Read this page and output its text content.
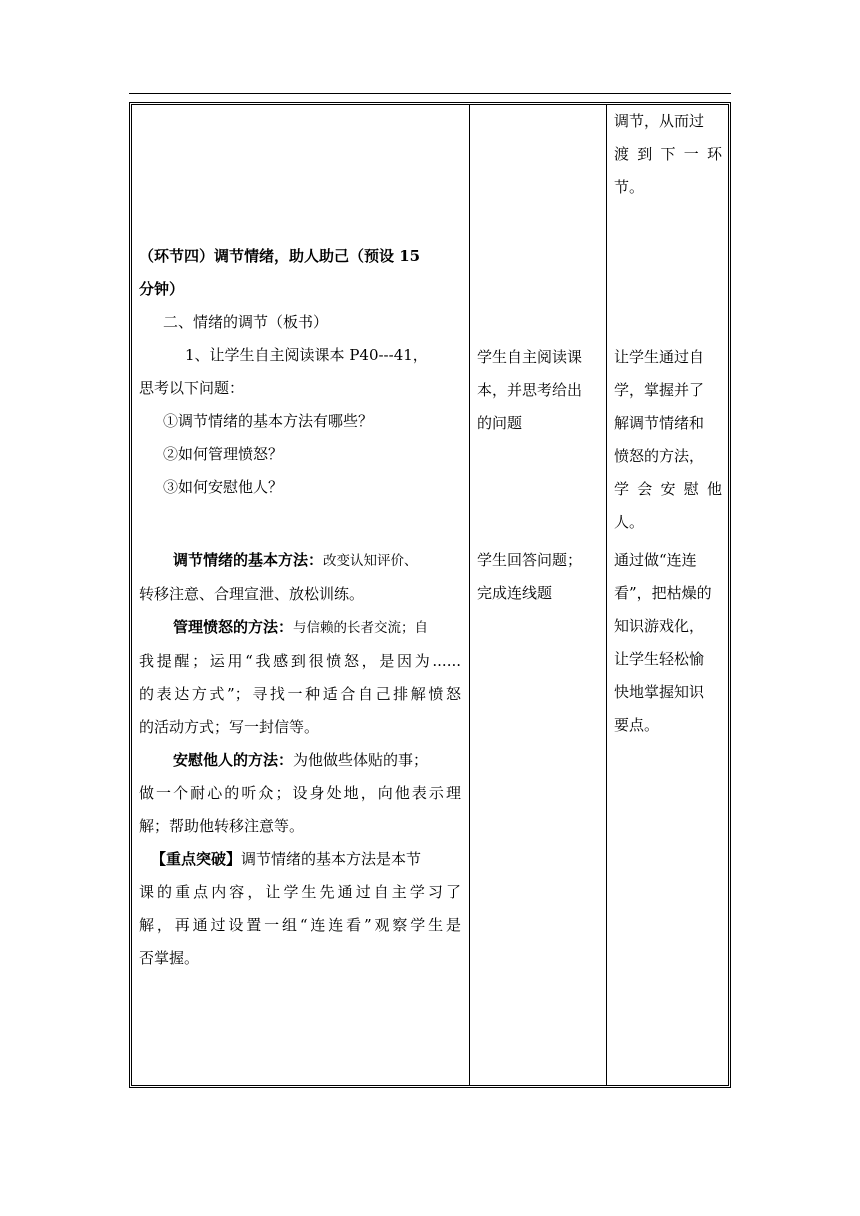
调节，从而过
渡 到 下 一 环
节。
（环节四）调节情绪，助人助己（预设 15
分钟）
二、情绪的调节（板书）
1、让学生自主阅读课本 P40---41，
思考以下问题：
①调节情绪的基本方法有哪些？
②如何管理愤怒？
③如何安慰他人？
调节情绪的基本方法：改变认知评价、
转移注意、合理宣泄、放松训练。
管理愤怒的方法：与信赖的长者交流；自
我提醒；运用“我感到很愤怒，是因为......
的表达方式”；寻找一种适合自己排解愤怒
的活动方式；写一封信等。
安慰他人的方法：为他做些体贴的事；
做一个耐心的听众；设身处地，向他表示理
解；帮助他转移注意等。
【重点突破】调节情绪的基本方法是本节
课的重点内容，让学生先通过自主学习了
解，再通过设置一组“连连看”观察学生是
否掌握。
学生自主阅读课
本，并思考给出
的问题
学生回答问题；
完成连线题
让学生通过自
学，掌握并了
解调节情绪和
愤怒的方法，
学 会 安 慰 他
人。
通过做“连连
看”，把枯燥的
知识游戏化，
让学生轻松愉
快地掌握知识
要点。
